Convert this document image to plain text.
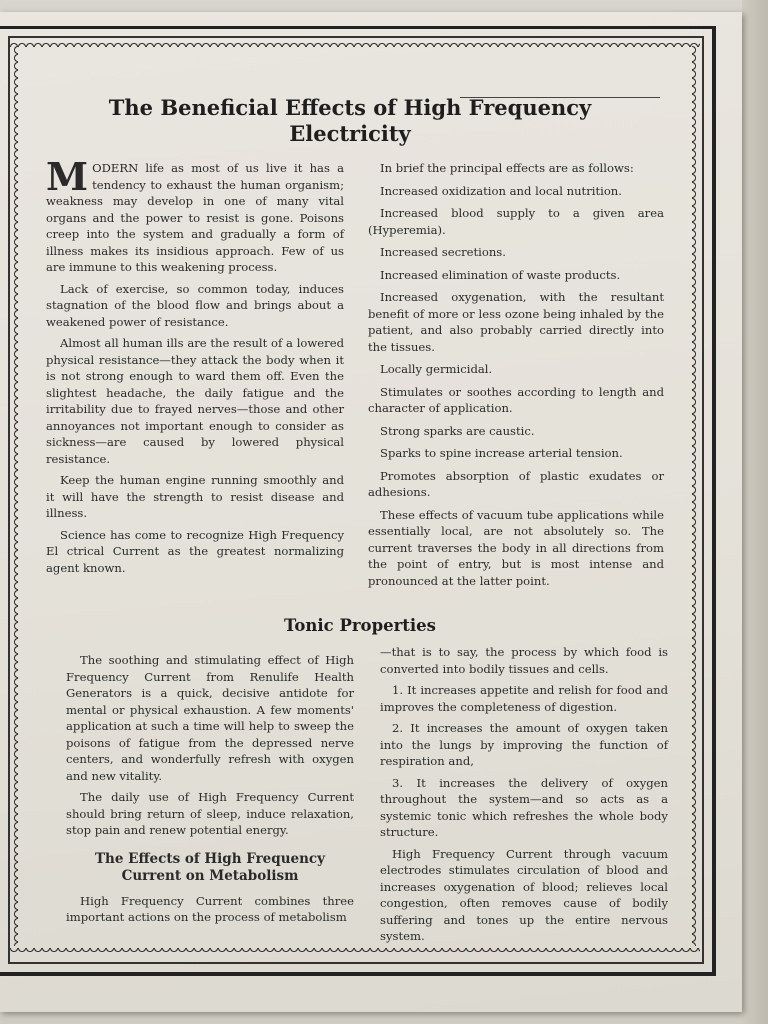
The Beneficial Effects of High Frequency
Electricity

MODERN life as most of us live it has a tendency to exhaust the human organism; weakness may develop in one of many vital organs and the power to resist is gone. Poisons creep into the system and gradually a form of illness makes its insidious approach. Few of us are immune to this weakening process.

Lack of exercise, so common today, induces stagnation of the blood flow and brings about a weakened power of resistance.

Almost all human ills are the result of a lowered physical resistance—they attack the body when it is not strong enough to ward them off. Even the slightest headache, the daily fatigue and the irritability due to frayed nerves—those and other annoyances not important enough to consider as sickness—are caused by lowered physical resistance.

Keep the human engine running smoothly and it will have the strength to resist disease and illness.

Science has come to recognize High Frequency El ctrical Current as the greatest normalizing agent known.

In brief the principal effects are as follows:

Increased oxidization and local nutrition.

Increased blood supply to a given area (Hyperemia).

Increased secretions.

Increased elimination of waste products.

Increased oxygenation, with the resultant benefit of more or less ozone being inhaled by the patient, and also probably carried directly into the tissues.

Locally germicidal.

Stimulates or soothes according to length and character of application.

Strong sparks are caustic.

Sparks to spine increase arterial tension.

Promotes absorption of plastic exudates or adhesions.

These effects of vacuum tube applications while essentially local, are not absolutely so. The current traverses the body in all directions from the point of entry, but is most intense and pronounced at the latter point.

Tonic Properties

The soothing and stimulating effect of High Frequency Current from Renulife Health Generators is a quick, decisive antidote for mental or physical exhaustion. A few moments' application at such a time will help to sweep the poisons of fatigue from the depressed nerve centers, and wonderfully refresh with oxygen and new vitality.

The daily use of High Frequency Current should bring return of sleep, induce relaxation, stop pain and renew potential energy.

The Effects of High Frequency
Current on Metabolism

High Frequency Current combines three important actions on the process of metabolism

—that is to say, the process by which food is converted into bodily tissues and cells.

1. It increases appetite and relish for food and improves the completeness of digestion.

2. It increases the amount of oxygen taken into the lungs by improving the function of respiration and,

3. It increases the delivery of oxygen throughout the system—and so acts as a systemic tonic which refreshes the whole body structure.

High Frequency Current through vacuum electrodes stimulates circulation of blood and increases oxygenation of blood; relieves local congestion, often removes cause of bodily suffering and tones up the entire nervous system.
